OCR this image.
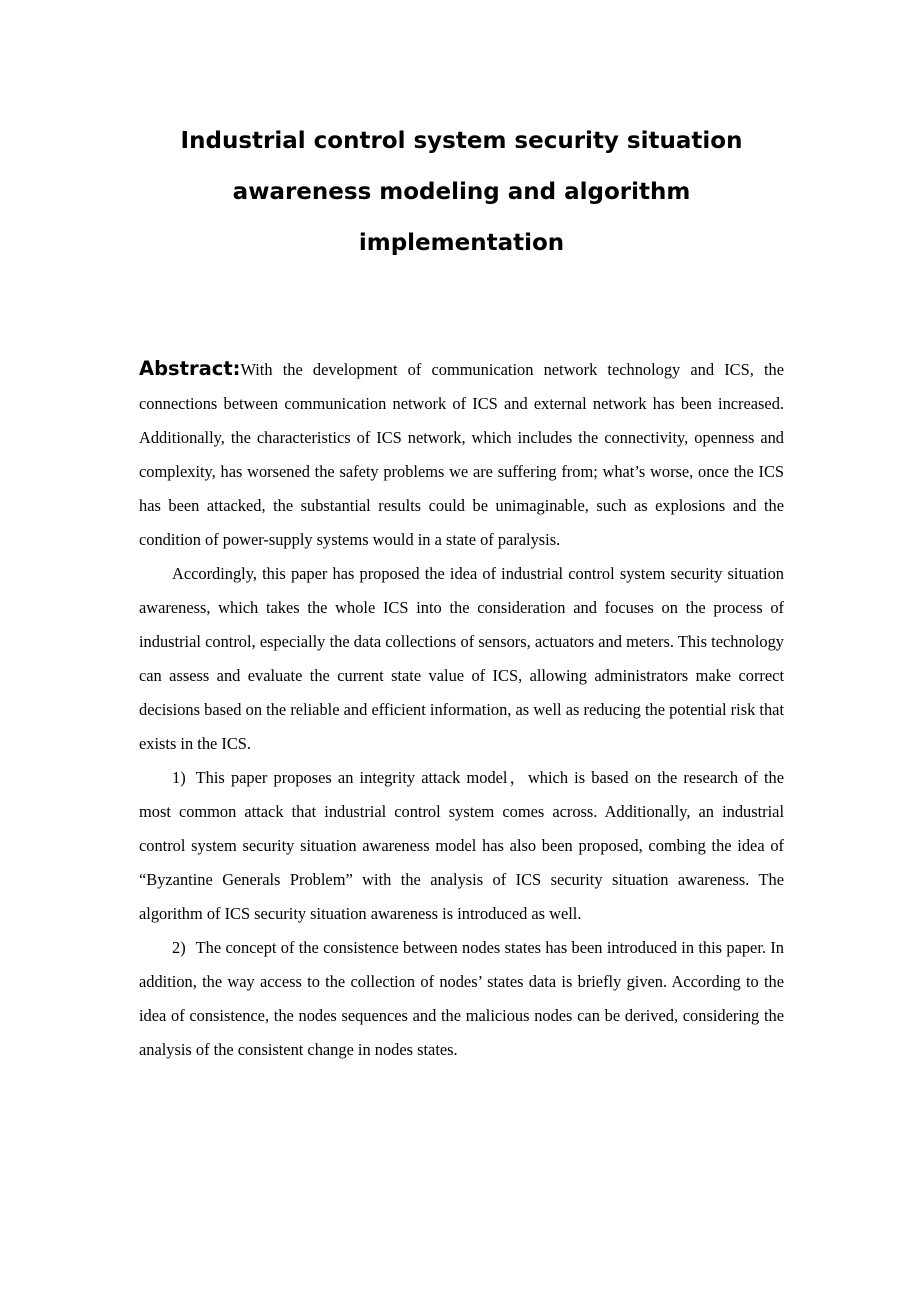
Industrial control system security situation
awareness modeling and algorithm
implementation

Abstract:With the development of communication network technology and ICS, the connections between communication network of ICS and external network has been increased. Additionally, the characteristics of ICS network, which includes the connectivity, openness and complexity, has worsened the safety problems we are suffering from; what’s worse, once the ICS has been attacked, the substantial results could be unimaginable, such as explosions and the condition of power-supply systems would in a state of paralysis.

Accordingly, this paper has proposed the idea of industrial control system security situation awareness, which takes the whole ICS into the consideration and focuses on the process of industrial control, especially the data collections of sensors, actuators and meters. This technology can assess and evaluate the current state value of ICS, allowing administrators make correct decisions based on the reliable and efficient information, as well as reducing the potential risk that exists in the ICS.

1) This paper proposes an integrity attack model，which is based on the research of the most common attack that industrial control system comes across. Additionally, an industrial control system security situation awareness model has also been proposed, combing the idea of “Byzantine Generals Problem” with the analysis of ICS security situation awareness. The algorithm of ICS security situation awareness is introduced as well.

2) The concept of the consistence between nodes states has been introduced in this paper. In addition, the way access to the collection of nodes’ states data is briefly given. According to the idea of consistence, the nodes sequences and the malicious nodes can be derived, considering the analysis of the consistent change in nodes states.
